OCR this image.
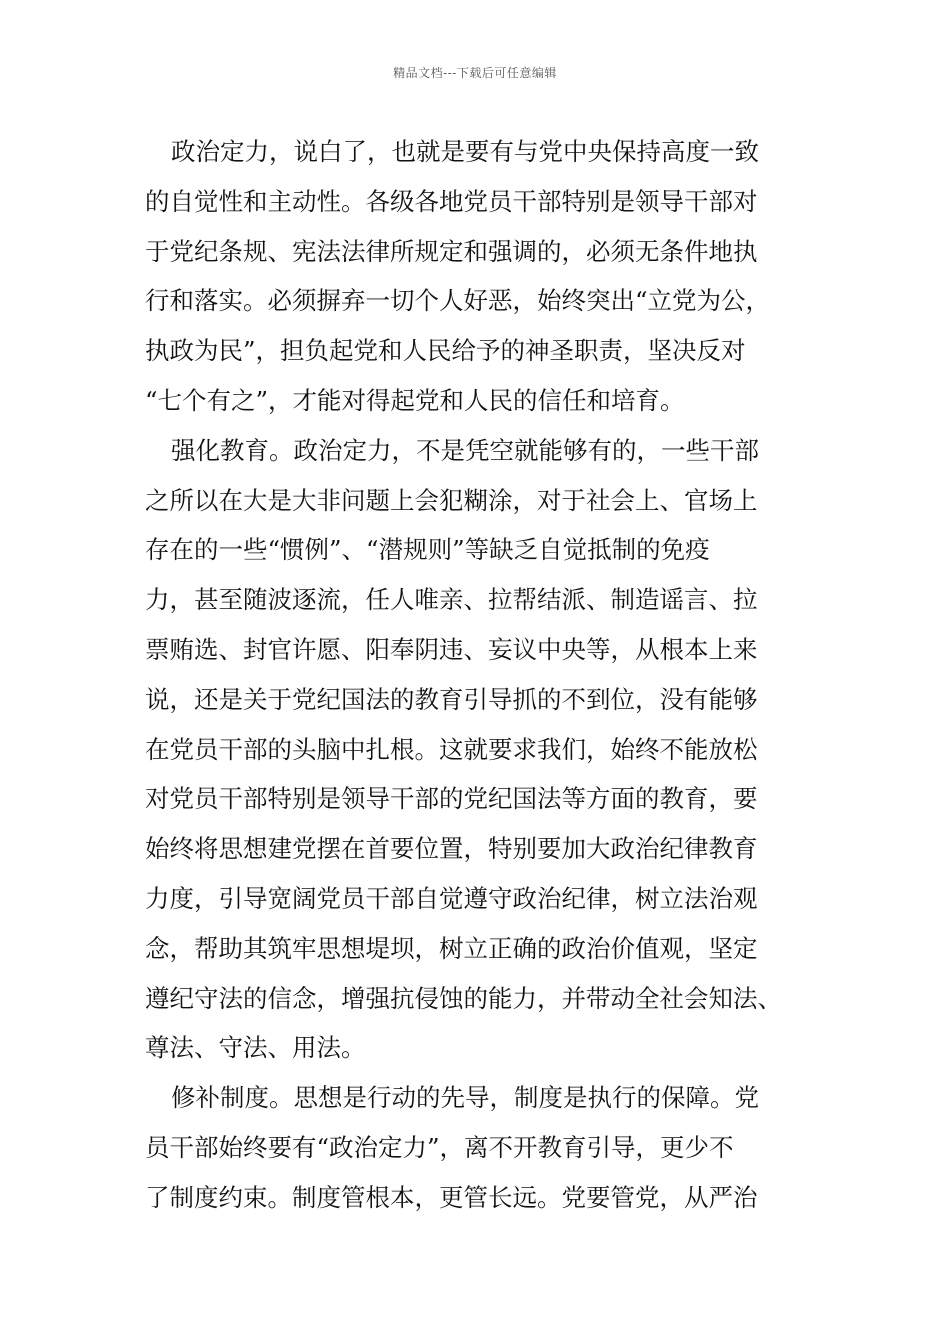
精品文档---下载后可任意编辑
政治定力，说白了，也就是要有与党中央保持高度一致
的自觉性和主动性。各级各地党员干部特别是领导干部对
于党纪条规、宪法法律所规定和强调的，必须无条件地执
行和落实。必须摒弃一切个人好恶，始终突出“立党为公，
执政为民”，担负起党和人民给予的神圣职责，坚决反对
“七个有之”，才能对得起党和人民的信任和培育。
强化教育。政治定力，不是凭空就能够有的，一些干部
之所以在大是大非问题上会犯糊涂，对于社会上、官场上
存在的一些“惯例”、“潜规则”等缺乏自觉抵制的免疫
力，甚至随波逐流，任人唯亲、拉帮结派、制造谣言、拉
票贿选、封官许愿、阳奉阴违、妄议中央等，从根本上来
说，还是关于党纪国法的教育引导抓的不到位，没有能够
在党员干部的头脑中扎根。这就要求我们，始终不能放松
对党员干部特别是领导干部的党纪国法等方面的教育，要
始终将思想建党摆在首要位置，特别要加大政治纪律教育
力度，引导宽阔党员干部自觉遵守政治纪律，树立法治观
念，帮助其筑牢思想堤坝，树立正确的政治价值观，坚定
遵纪守法的信念，增强抗侵蚀的能力，并带动全社会知法、
尊法、守法、用法。
修补制度。思想是行动的先导，制度是执行的保障。党
员干部始终要有“政治定力”，离不开教育引导，更少不
了制度约束。制度管根本，更管长远。党要管党，从严治
